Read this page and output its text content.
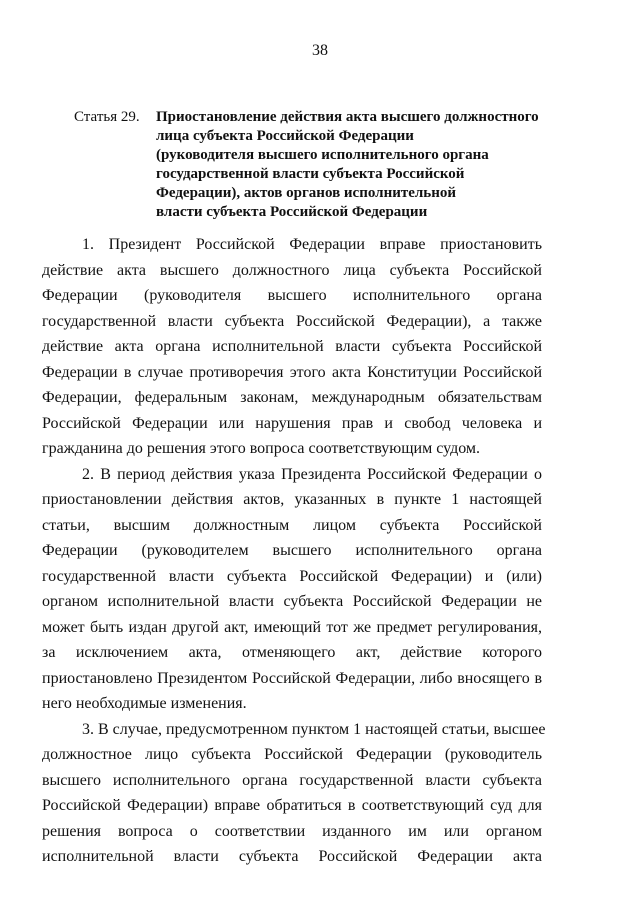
38
Статья 29.	Приостановление действия акта высшего должностного
лица субъекта Российской Федерации
(руководителя высшего исполнительного органа
государственной власти субъекта Российской
Федерации), актов органов исполнительной
власти субъекта Российской Федерации
1. Президент Российской Федерации вправе приостановить
действие акта высшего должностного лица субъекта Российской
Федерации (руководителя высшего исполнительного органа
государственной власти субъекта Российской Федерации), а также
действие акта органа исполнительной власти субъекта Российской
Федерации в случае противоречия этого акта Конституции Российской
Федерации, федеральным законам, международным обязательствам
Российской Федерации или нарушения прав и свобод человека и
гражданина до решения этого вопроса соответствующим судом.
2. В период действия указа Президента Российской Федерации о
приостановлении действия актов, указанных в пункте 1 настоящей
статьи, высшим должностным лицом субъекта Российской
Федерации (руководителем высшего исполнительного органа
государственной власти субъекта Российской Федерации) и (или)
органом исполнительной власти субъекта Российской Федерации не
может быть издан другой акт, имеющий тот же предмет регулирования,
за исключением акта, отменяющего акт, действие которого
приостановлено Президентом Российской Федерации, либо вносящего в
него необходимые изменения.
3. В случае, предусмотренном пунктом 1 настоящей статьи, высшее
должностное лицо субъекта Российской Федерации (руководитель
высшего исполнительного органа государственной власти субъекта
Российской Федерации) вправе обратиться в соответствующий суд для
решения вопроса о соответствии изданного им или органом
исполнительной власти субъекта Российской Федерации акта
